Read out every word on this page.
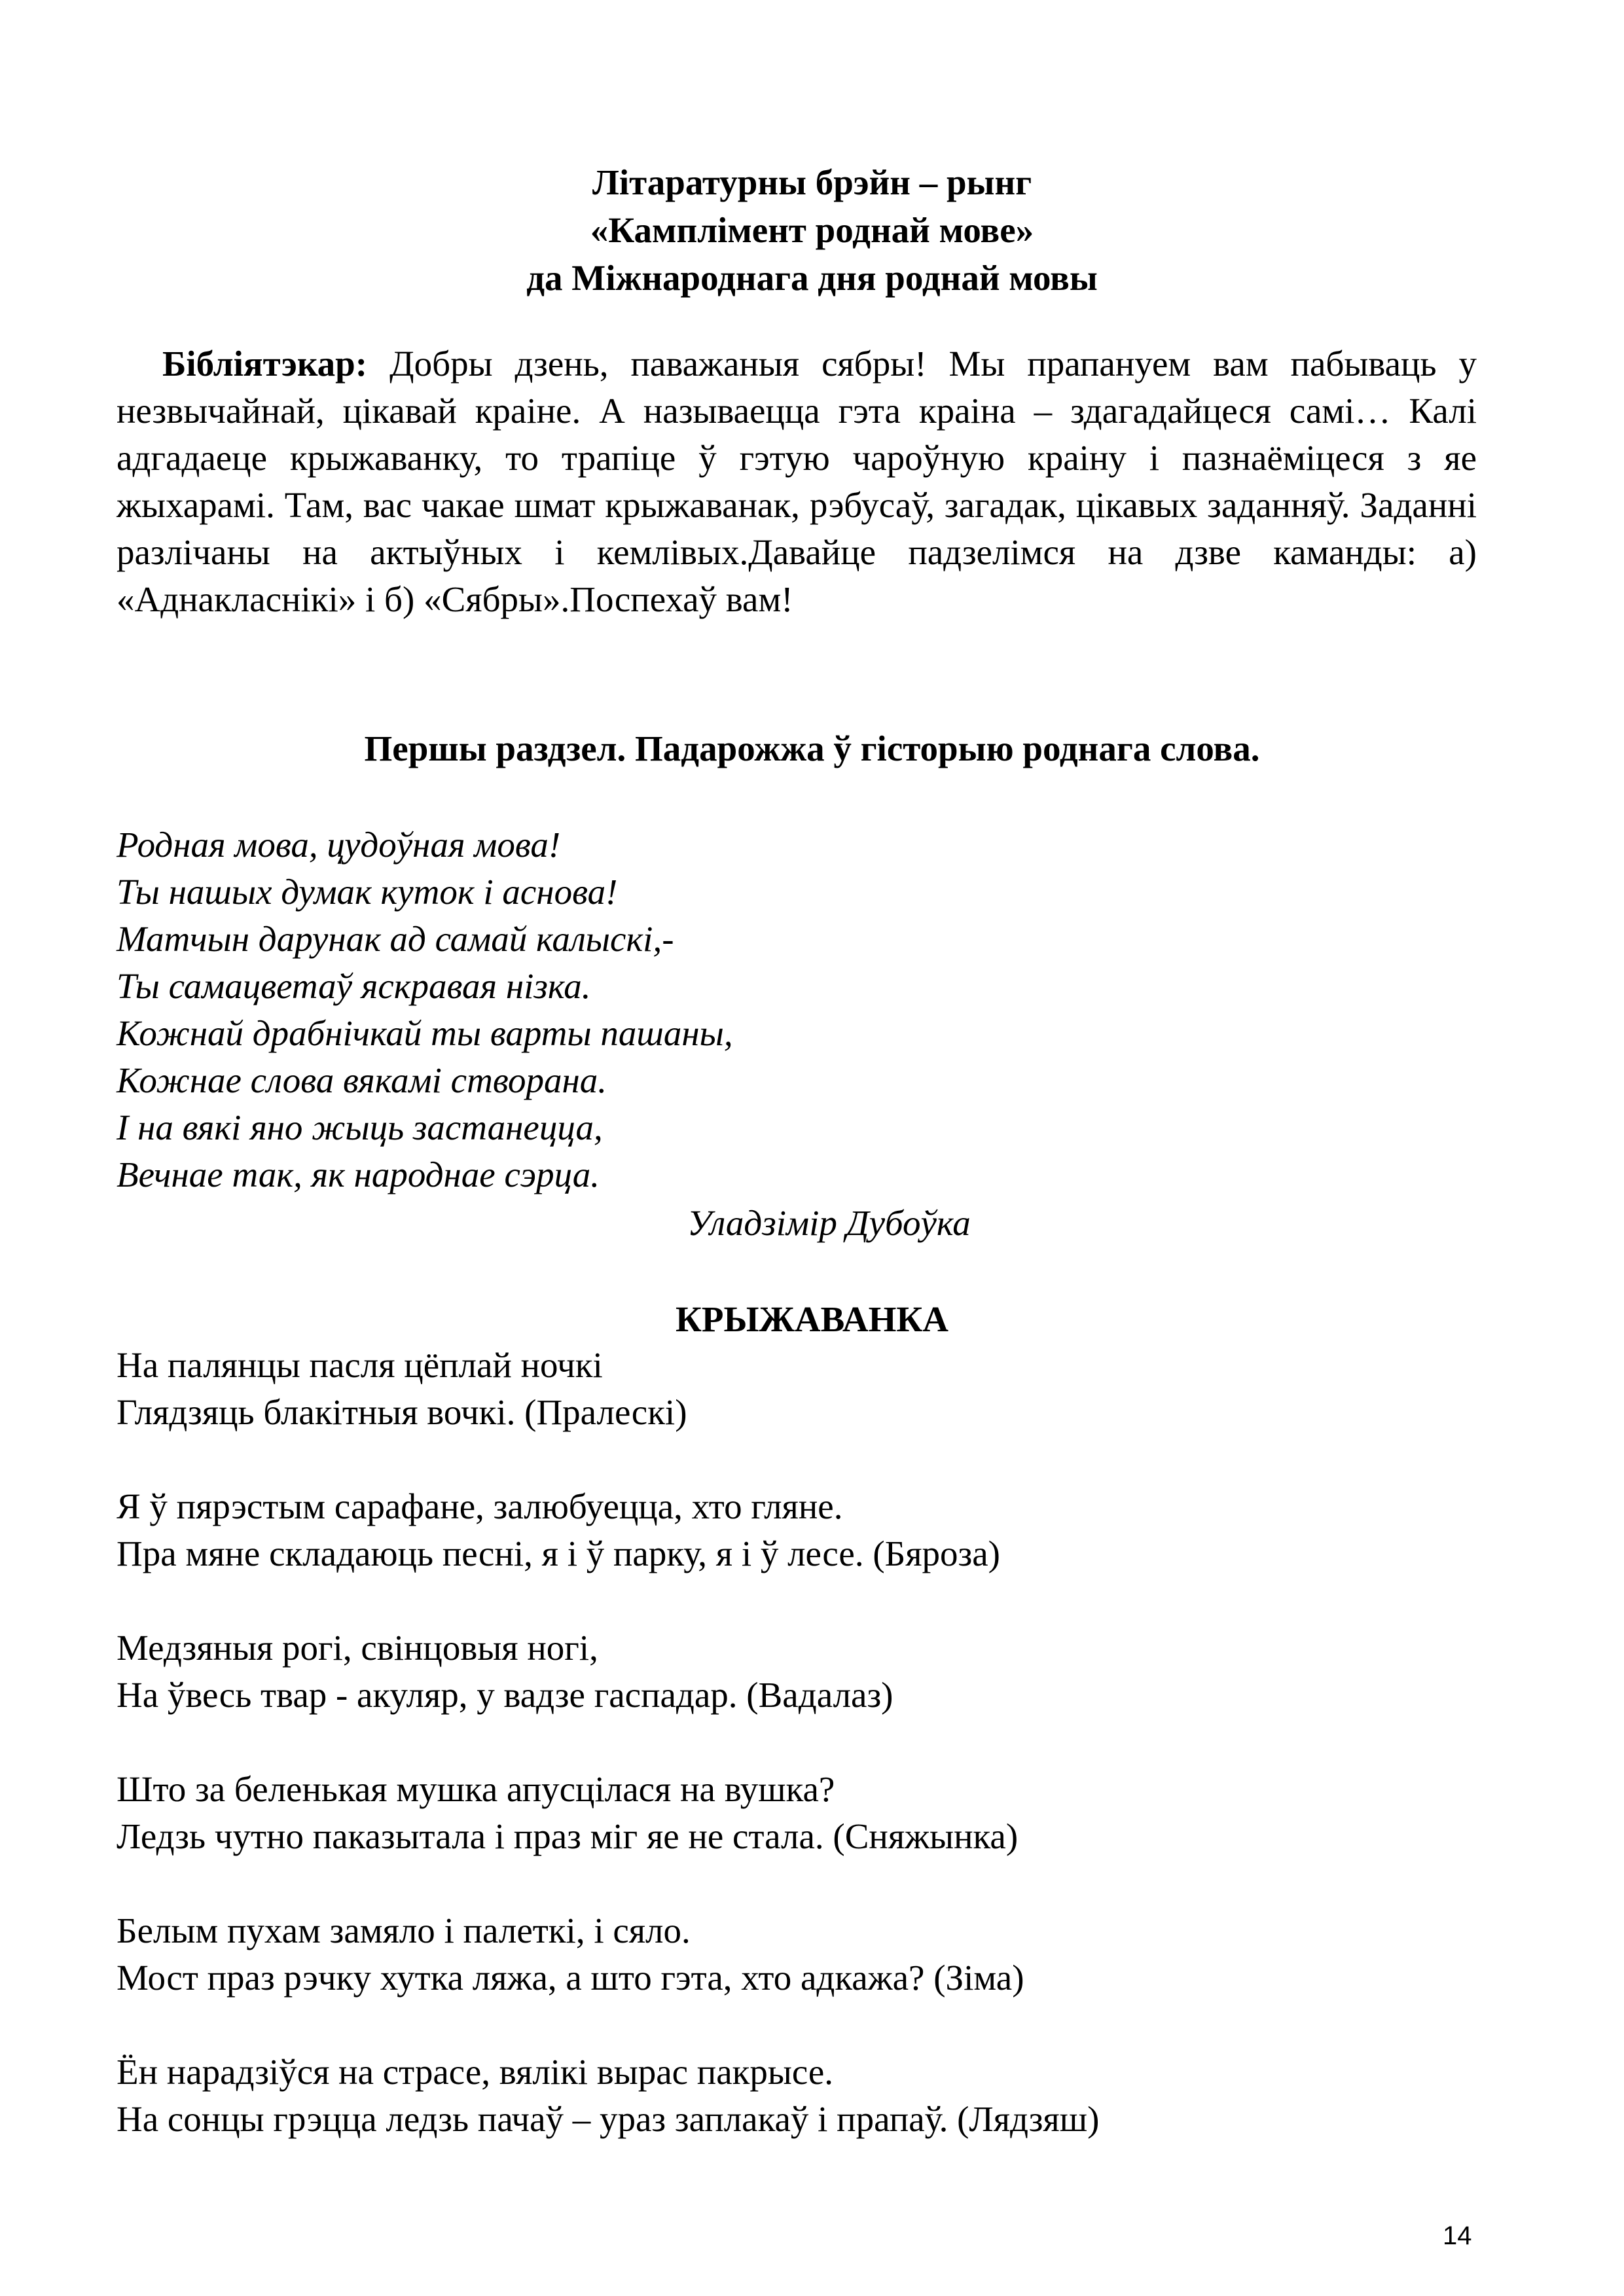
Літаратурны брэйн – рынг
«Камплімент роднай мове»
да Міжнароднага дня роднай мовы
Бібліятэкар: Добры дзень, паважаныя сябры! Мы прапануем вам пабываць у незвычайнай, цікавай краіне. А называецца гэта краіна – здагадайцеся самі… Калі адгадаеце крыжаванку, то трапіце ў гэтую чароўную краіну і пазнаёміцеся з яе жыхарамі. Там, вас чакае шмат крыжаванак, рэбусаў, загадак, цікавых заданняў. Заданні разлічаны на актыўных і кемлівых.Давайце падзелімся на дзве каманды: а) «Аднакласнікі» і б) «Сябры».Поспехаў вам!
Першы раздзел. Падарожжа ў гісторыю роднага слова.
Родная мова, цудоўная мова!
Ты нашых думак куток і аснова!
Матчын дарунак ад самай калыскі,-
Ты самацветаў яскравая нізка.
Кожнай драбнічкай ты варты пашаны,
Кожнае слова вякамі створана.
І на вякі яно жыць застанецца,
Вечнае так, як народнае сэрца.
Уладзімір Дубоўка
КРЫЖАВАНКА
На палянцы пасля цёплай ночкі
Глядзяць блакітныя вочкі. (Пралескі)
Я ў пярэстым сарафане, залюбуецца, хто гляне.
Пра мяне складаюць песні, я і ў парку, я і ў лесе. (Бяроза)
Медзяныя рогі, свінцовыя ногі,
На ўвесь твар - акуляр, у вадзе гаспадар. (Вадалаз)
Што за беленькая мушка апусцілася на вушка?
Ледзь чутно паказытала і праз міг яе не стала. (Сняжынка)
Белым пухам замяло і палеткі, і сяло.
Мост праз рэчку хутка ляжа, а што гэта, хто адкажа? (Зіма)
Ён нарадзіўся на страсе, вялікі вырас пакрысе.
На сонцы грэцца ледзь пачаў – ураз заплакаў і прапаў. (Лядзяш)
14
